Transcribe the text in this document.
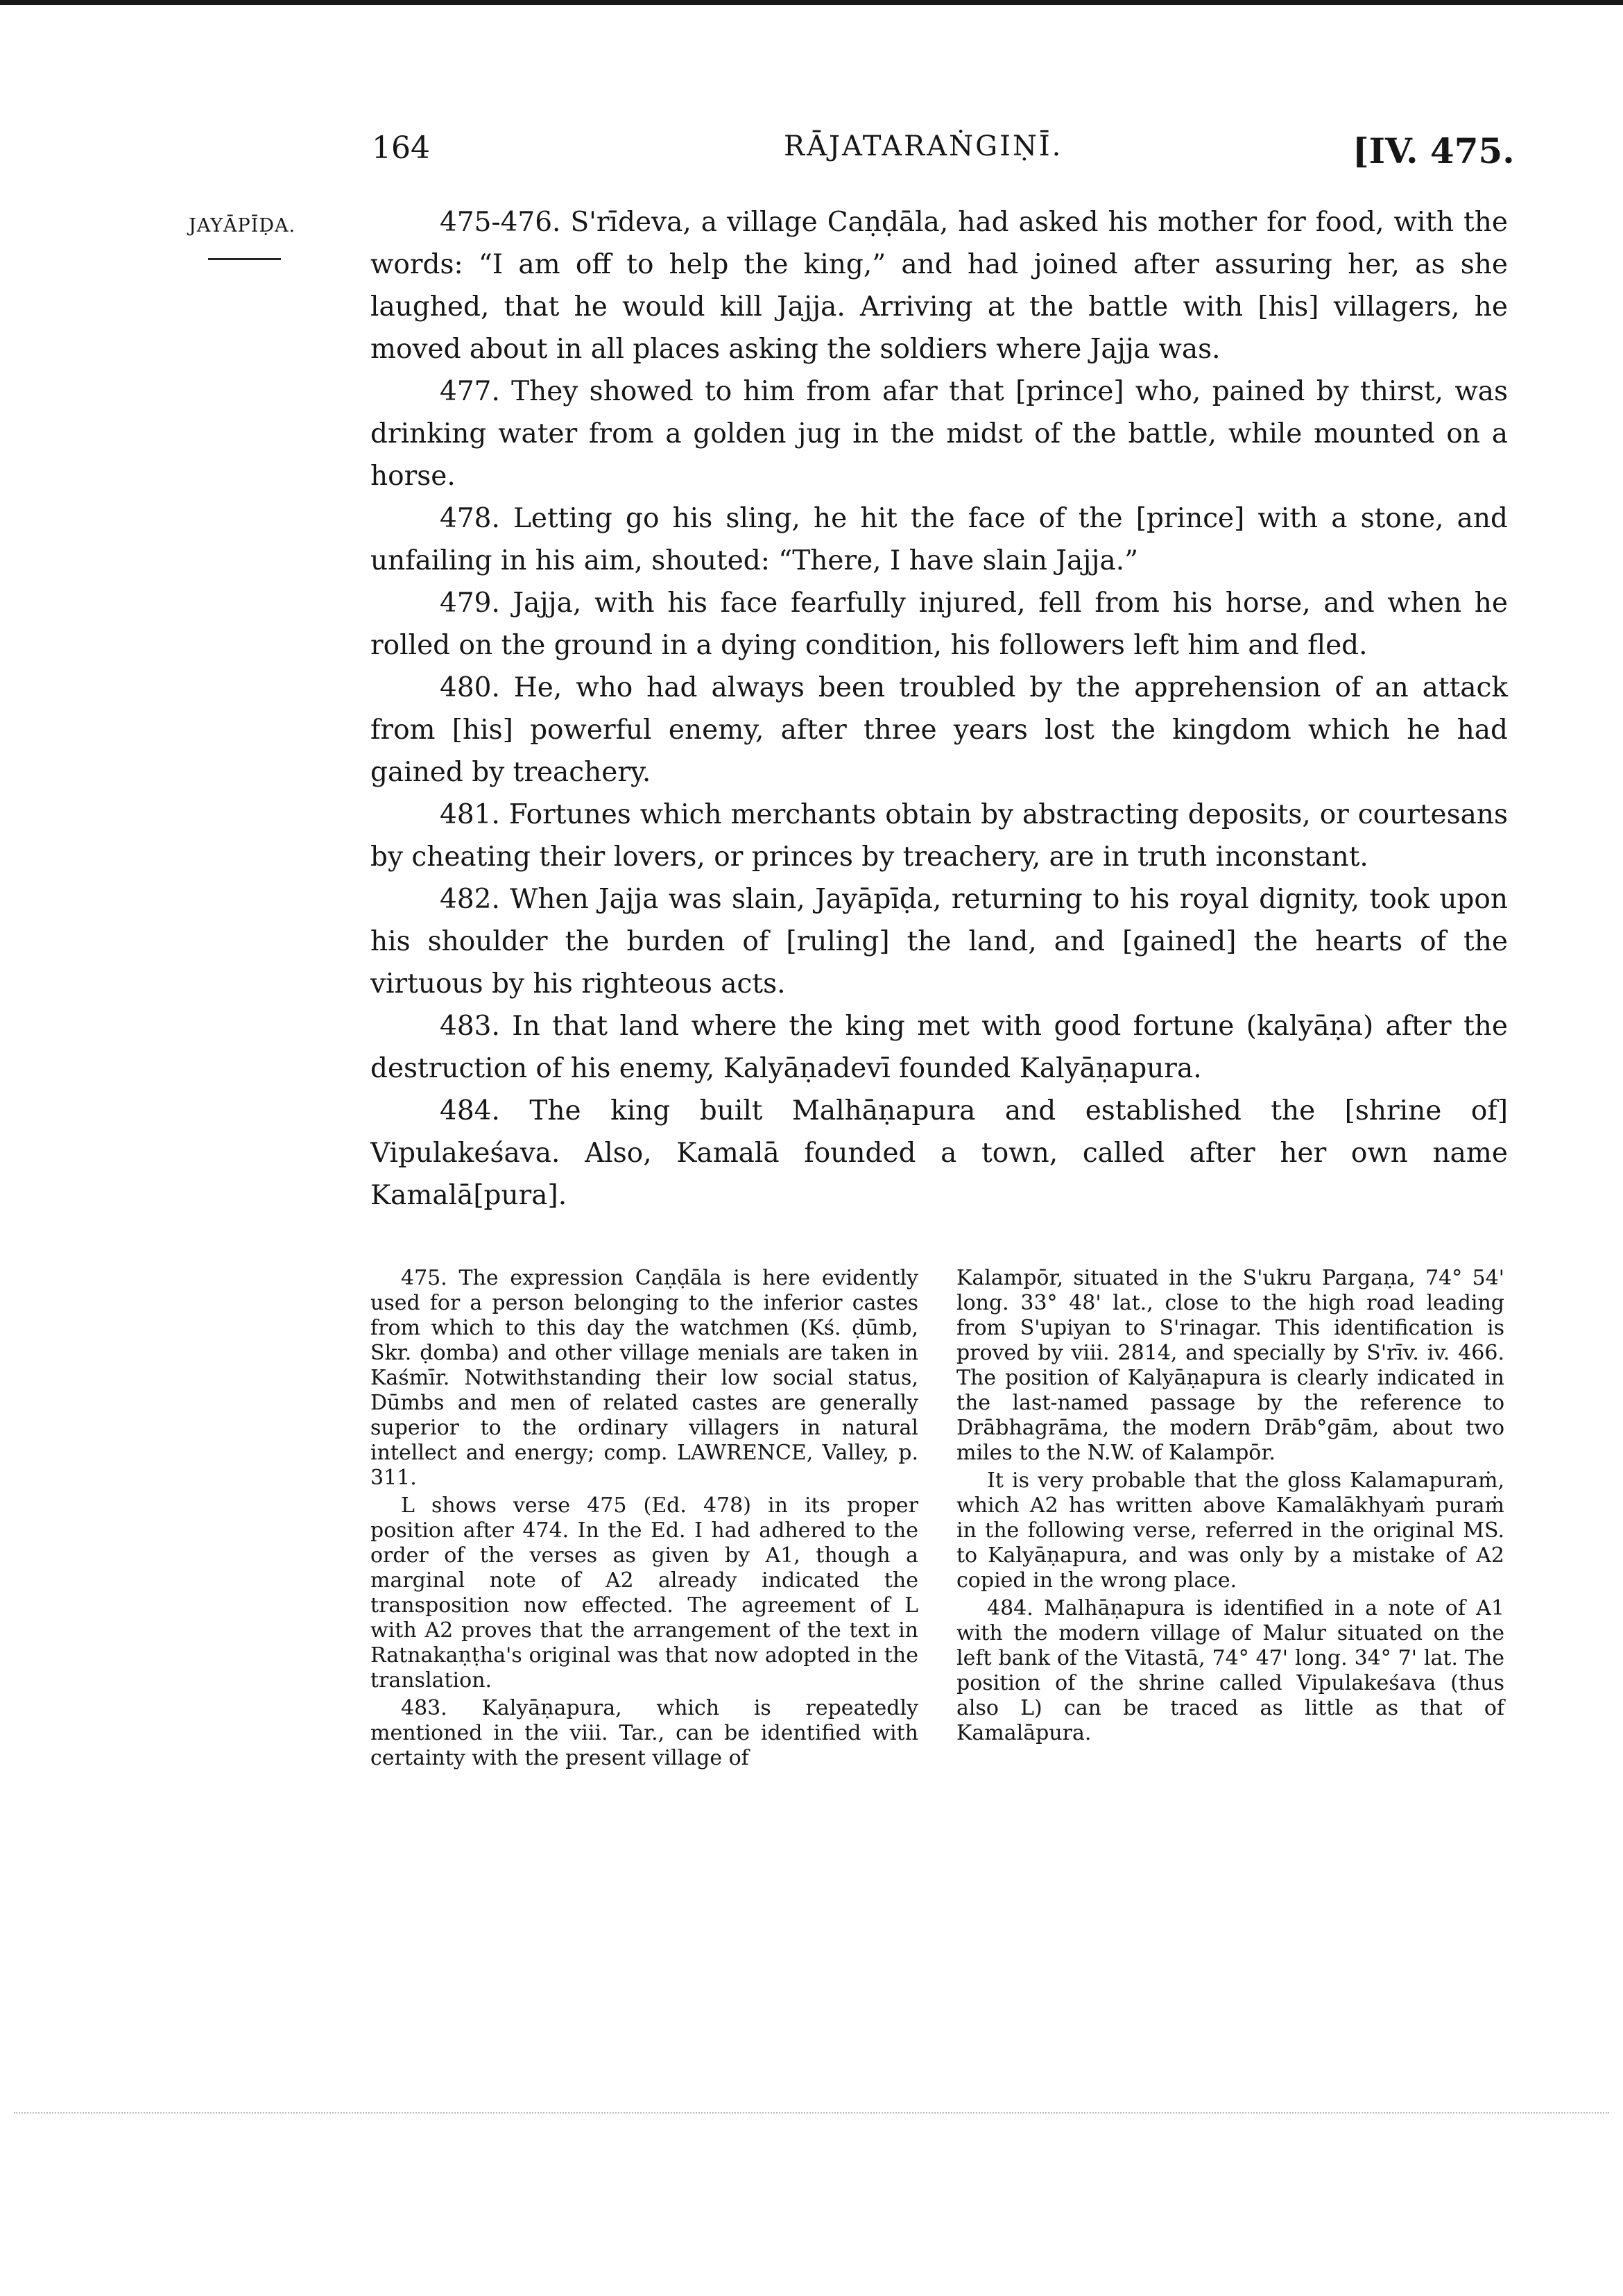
164	RĀJATARAṄGIṆĪ.	[IV. 475.
JAYĀPĪḌA.	475-476. S'rīdeva, a village Caṇḍāla, had asked his mother for food, with the words: “I am off to help the king,” and had joined after assuring her, as she laughed, that he would kill Jajja. Arriving at the battle with [his] villagers, he moved about in all places asking the soldiers where Jajja was.

477. They showed to him from afar that [prince] who, pained by thirst, was drinking water from a golden jug in the midst of the battle, while mounted on a horse.

478. Letting go his sling, he hit the face of the [prince] with a stone, and unfailing in his aim, shouted: “There, I have slain Jajja.”

479. Jajja, with his face fearfully injured, fell from his horse, and when he rolled on the ground in a dying condition, his followers left him and fled.

480. He, who had always been troubled by the apprehension of an attack from [his] powerful enemy, after three years lost the kingdom which he had gained by treachery.

481. Fortunes which merchants obtain by abstracting deposits, or courtesans by cheating their lovers, or princes by treachery, are in truth inconstant.

482. When Jajja was slain, Jayāpīḍa, returning to his royal dignity, took upon his shoulder the burden of [ruling] the land, and [gained] the hearts of the virtuous by his righteous acts.

483. In that land where the king met with good fortune (kalyāṇa) after the destruction of his enemy, Kalyāṇadevī founded Kalyāṇapura.

484. The king built Malhāṇapura and established the [shrine of] Vipulakeśava. Also, Kamalā founded a town, called after her own name Kamalā[pura].

475. The expression Caṇḍāla is here evidently used for a person belonging to the inferior castes from which to this day the watchmen (Kś. ḍūmb, Skr. ḍomba) and other village menials are taken in Kaśmīr. Notwithstanding their low social status, Dūmbs and men of related castes are generally superior to the ordinary villagers in natural intellect and energy; comp. LAWRENCE, Valley, p. 311.

L shows verse 475 (Ed. 478) in its proper position after 474. In the Ed. I had adhered to the order of the verses as given by A1, though a marginal note of A2 already indicated the transposition now effected. The agreement of L with A2 proves that the arrangement of the text in Ratnakaṇṭha's original was that now adopted in the translation.

483. Kalyāṇapura, which is repeatedly mentioned in the viii. Tar., can be identified with certainty with the present village of

Kalampōr, situated in the S'ukru Pargaṇa, 74° 54' long. 33° 48' lat., close to the high road leading from S'upiyan to S'rinagar. This identification is proved by viii. 2814, and specially by S'rīv. iv. 466. The position of Kalyāṇapura is clearly indicated in the last-named passage by the reference to Drābhagrāma, the modern Drāb°gām, about two miles to the N.W. of Kalampōr.

It is very probable that the gloss Kalamapuraṁ, which A2 has written above Kamalākhyaṁ puraṁ in the following verse, referred in the original MS. to Kalyāṇapura, and was only by a mistake of A2 copied in the wrong place.

484. Malhāṇapura is identified in a note of A1 with the modern village of Malur situated on the left bank of the Vitastā, 74° 47' long. 34° 7' lat. The position of the shrine called Vipulakeśava (thus also L) can be traced as little as that of Kamalāpura.
